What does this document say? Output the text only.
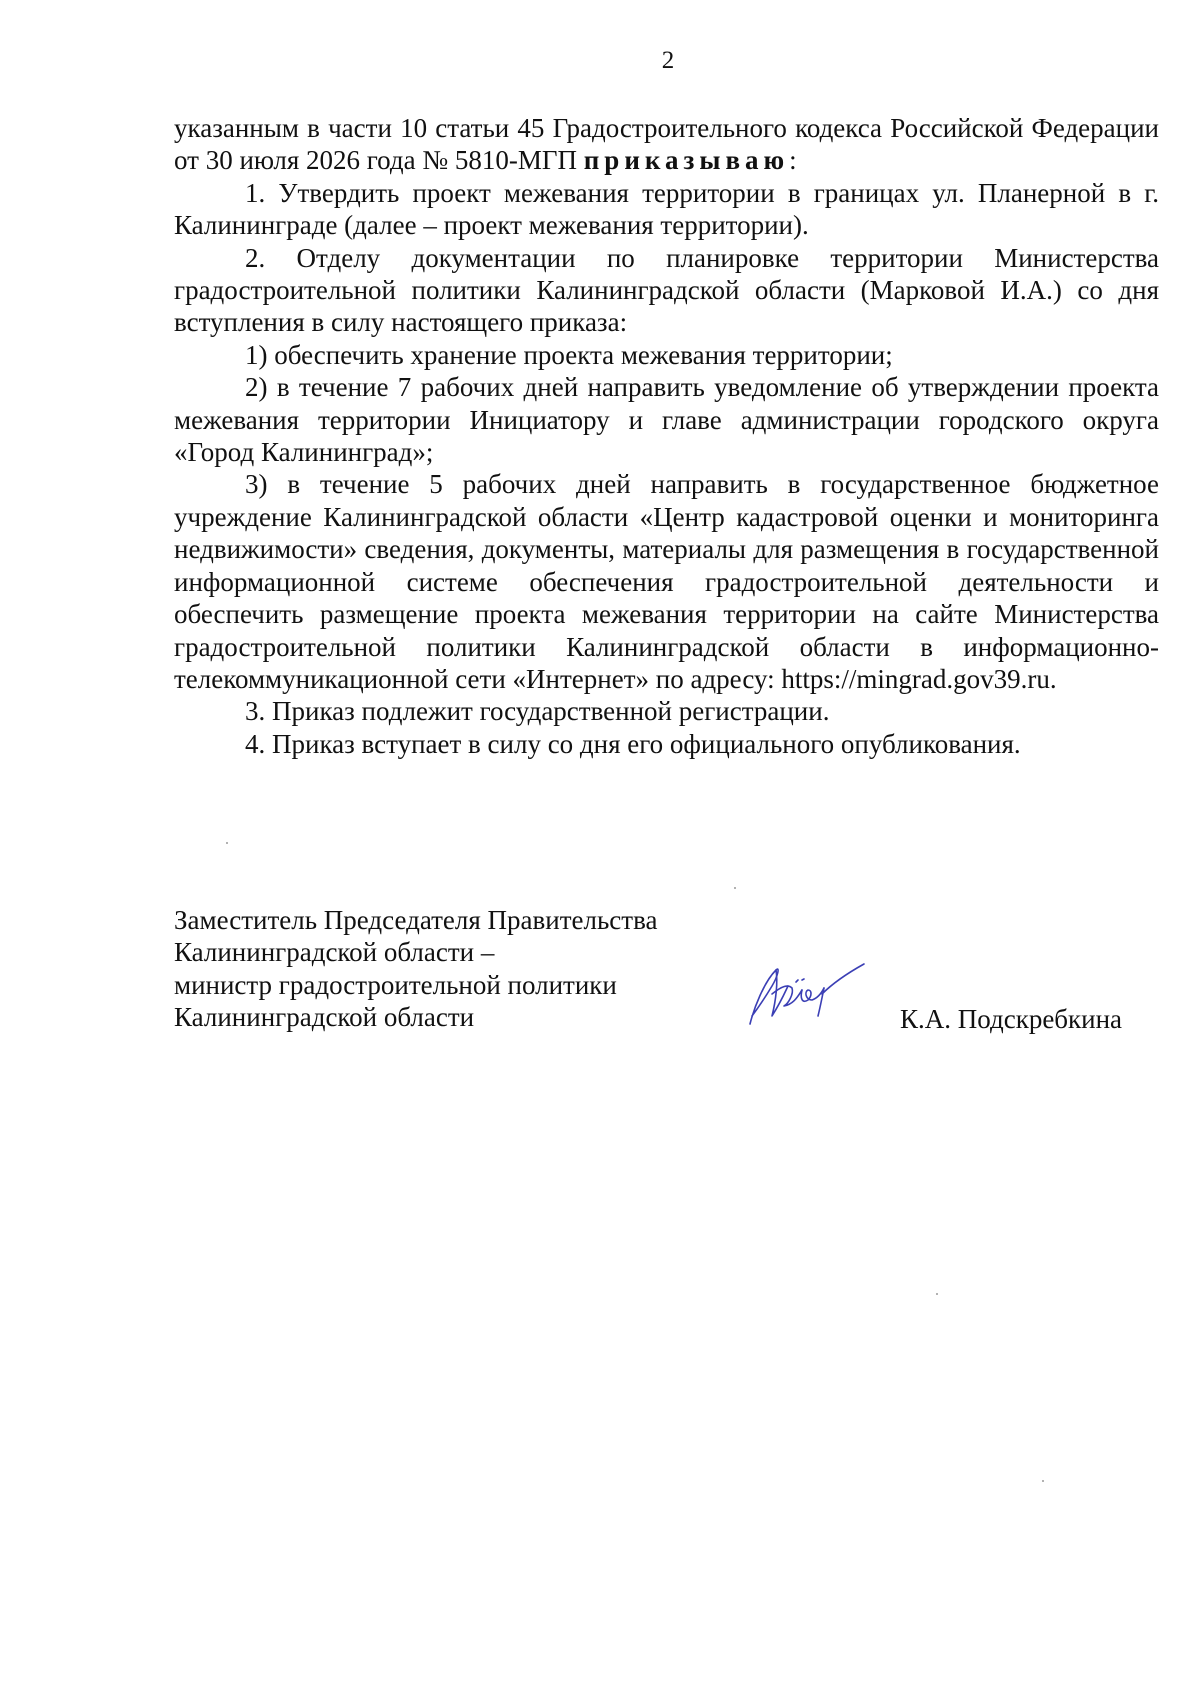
2

указанным в части 10 статьи 45 Градостроительного кодекса Российской Федерации от 30 июля 2026 года № 5810-МГП приказываю:

1. Утвердить проект межевания территории в границах ул. Планерной в г. Калининграде (далее – проект межевания территории).

2. Отделу документации по планировке территории Министерства градостроительной политики Калининградской области (Марковой И.А.) со дня вступления в силу настоящего приказа:

1) обеспечить хранение проекта межевания территории;

2) в течение 7 рабочих дней направить уведомление об утверждении проекта межевания территории Инициатору и главе администрации городского округа «Город Калининград»;

3) в течение 5 рабочих дней направить в государственное бюджетное учреждение Калининградской области «Центр кадастровой оценки и мониторинга недвижимости» сведения, документы, материалы для размещения в государственной информационной системе обеспечения градостроительной деятельности и обеспечить размещение проекта межевания территории на сайте Министерства градостроительной политики Калининградской области в информационно-телекоммуникационной сети «Интернет» по адресу: https://mingrad.gov39.ru.

3. Приказ подлежит государственной регистрации.

4. Приказ вступает в силу со дня его официального опубликования.

Заместитель Председателя Правительства
Калининградской области –
министр градостроительной политики
Калининградской области	К.А. Подскребкина
